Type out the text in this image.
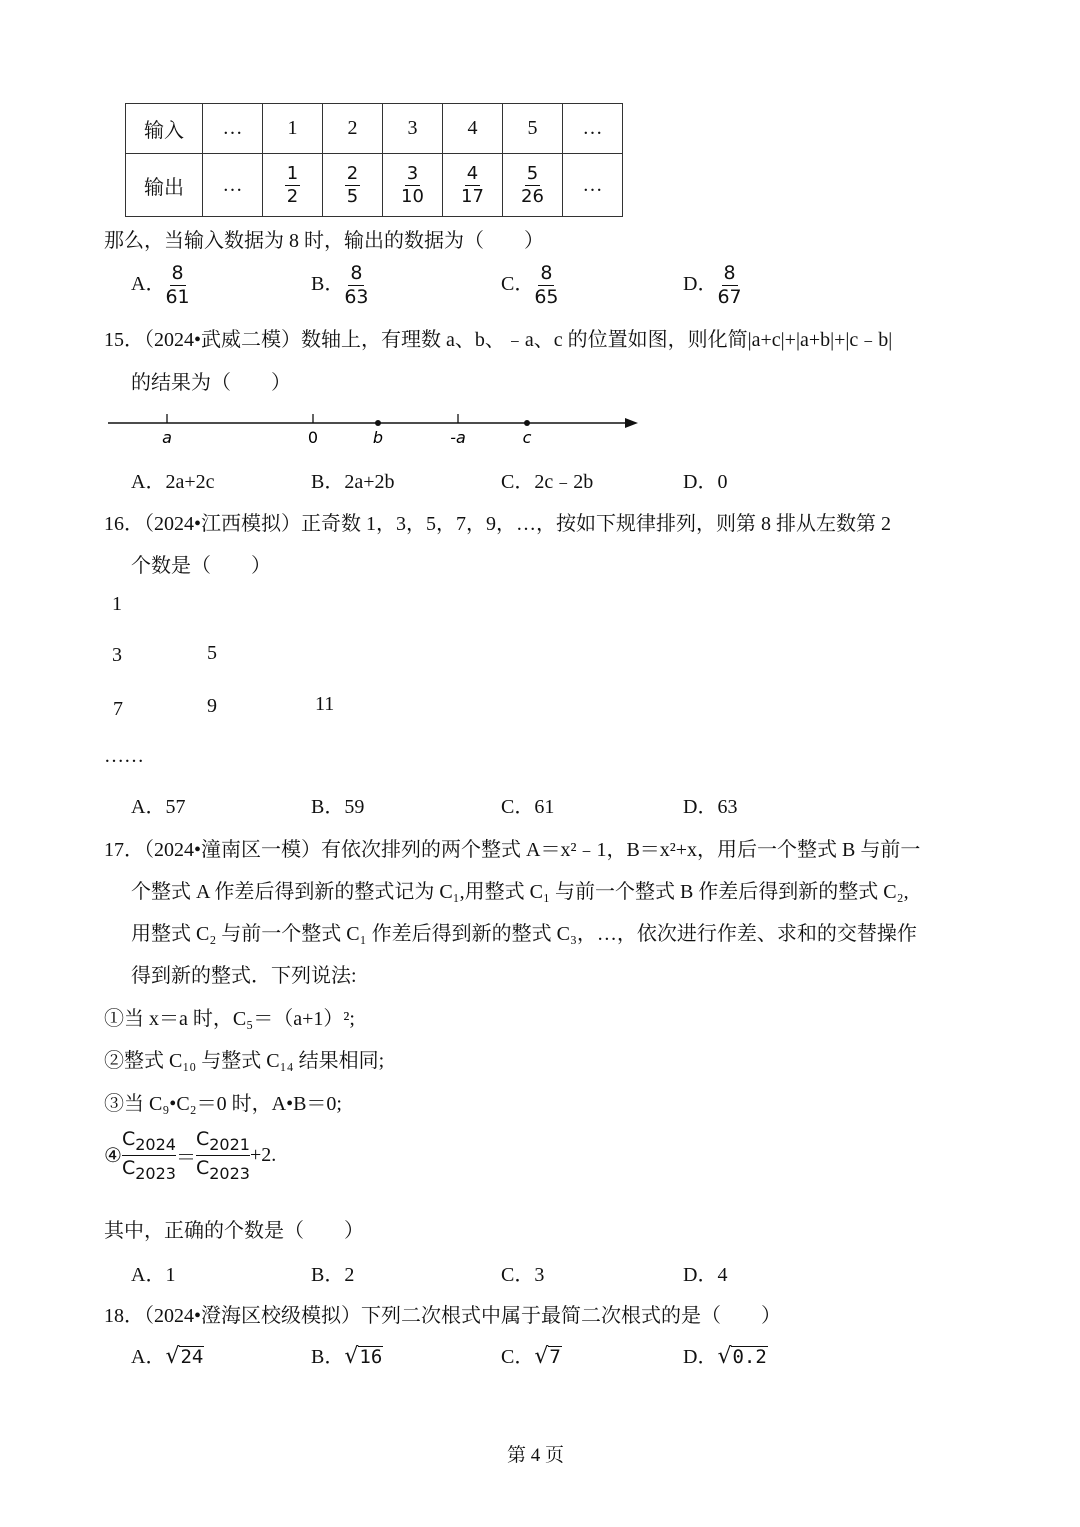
输入	…	1	2	3	4	5	…
输出	…	$\frac{1}{2}$	$\frac{2}{5}$	$\frac{3}{10}$	$\frac{4}{17}$	$\frac{5}{26}$	…
那么，当输入数据为 8 时，输出的数据为（　　）
A． $\frac{8}{61}$	B． $\frac{8}{63}$	C． $\frac{8}{65}$	D． $\frac{8}{67}$
15．（2024•武威二模）数轴上，有理数 a、b、﹣a、c 的位置如图，则化简|a+c|+|a+b|+|c﹣b|
的结果为（　　）
a	0	b	-a	c
A．2a+2c	B．2a+2b	C．2c﹣2b	D．0
16．（2024•江西模拟）正奇数 1，3，5，7，9，…，按如下规律排列，则第 8 排从左数第 2
个数是（　　）
1
3	5
7	9	11
……
A．57	B．59	C．61	D．63
17．（2024•潼南区一模）有依次排列的两个整式 A＝x²﹣1，B＝x²+x，用后一个整式 B 与前一
个整式 A 作差后得到新的整式记为 C₁,用整式 C₁ 与前一个整式 B 作差后得到新的整式 C₂,
用整式 C₂ 与前一个整式 C₁ 作差后得到新的整式 C₃，…，依次进行作差、求和的交替操作
得到新的整式．下列说法:
①当 x＝a 时，C₅＝（a+1）²;
②整式 C₁₀ 与整式 C₁₄ 结果相同;
③当 C₉•C₂＝0 时，A•B＝0;
④ $\frac{C_{2024}}{C_{2023}} = \frac{C_{2021}}{C_{2023}} +2$.
其中，正确的个数是（　　）
A．1	B．2	C．3	D．4
18．（2024•澄海区校级模拟）下列二次根式中属于最简二次根式的是（　　）
A． √ 24	B． √ 16	C． √ 7	D． √ 0.2
第 4 页
